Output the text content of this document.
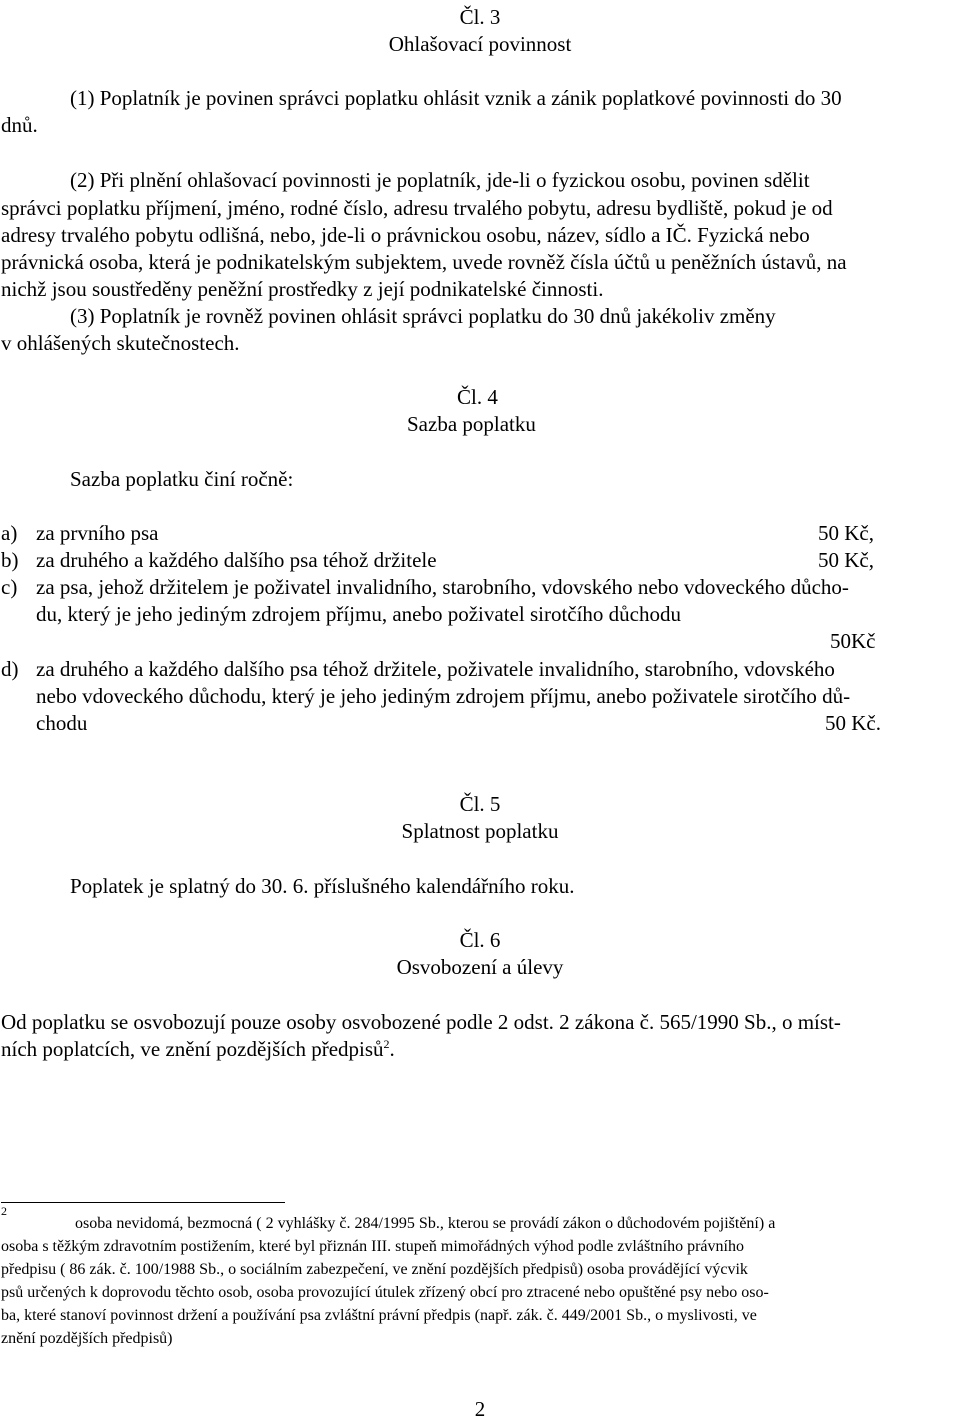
Čl. 3
Ohlašovací povinnost
(1) Poplatník je povinen správci poplatku ohlásit vznik a zánik poplatkové povinnosti do 30
dnů.
(2) Při plnění ohlašovací povinnosti je poplatník, jde-li o fyzickou osobu, povinen sdělit
správci poplatku příjmení, jméno, rodné číslo, adresu trvalého pobytu, adresu bydliště, pokud je od
adresy trvalého pobytu odlišná, nebo, jde-li o právnickou osobu, název, sídlo a IČ. Fyzická nebo
právnická osoba, která je podnikatelským subjektem, uvede rovněž čísla účtů u peněžních ústavů, na
nichž jsou soustředěny peněžní prostředky z její podnikatelské činnosti.
(3) Poplatník je rovněž povinen ohlásit správci poplatku do 30 dnů jakékoliv změny
v ohlášených skutečnostech.
Čl. 4
Sazba poplatku
Sazba poplatku činí ročně:
a) za prvního psa	50 Kč,
b) za druhého a každého dalšího psa téhož držitele	50 Kč,
c) za psa, jehož držitelem je poživatel invalidního, starobního, vdovského nebo vdoveckého důcho-
du, který je jeho jediným zdrojem příjmu, anebo poživatel sirotčího důchodu
50Kč
d) za druhého a každého dalšího psa téhož držitele, poživatele invalidního, starobního, vdovského
nebo vdoveckého důchodu, který je jeho jediným zdrojem příjmu, anebo poživatele sirotčího dů-
chodu	50 Kč.
Čl. 5
Splatnost poplatku
Poplatek je splatný do 30. 6. příslušného kalendářního roku.
Čl. 6
Osvobození a úlevy
Od poplatku se osvobozují pouze osoby osvobozené podle 2 odst. 2 zákona č. 565/1990 Sb., o míst-
ních poplatcích, ve znění pozdějších předpisů$^2$.
2
osoba nevidomá, bezmocná ( 2 vyhlášky č. 284/1995 Sb., kterou se provádí zákon o důchodovém pojištění) a
osoba s těžkým zdravotním postižením, které byl přiznán III. stupeň mimořádných výhod podle zvláštního právního
předpisu ( 86 zák. č. 100/1988 Sb., o sociálním zabezpečení, ve znění pozdějších předpisů) osoba provádějící výcvik
psů určených k doprovodu těchto osob, osoba provozující útulek zřízený obcí pro ztracené nebo opuštěné psy nebo oso-
ba, které stanoví povinnost držení a používání psa zvláštní právní předpis (např. zák. č. 449/2001 Sb., o myslivosti, ve
znění pozdějších předpisů)
2
